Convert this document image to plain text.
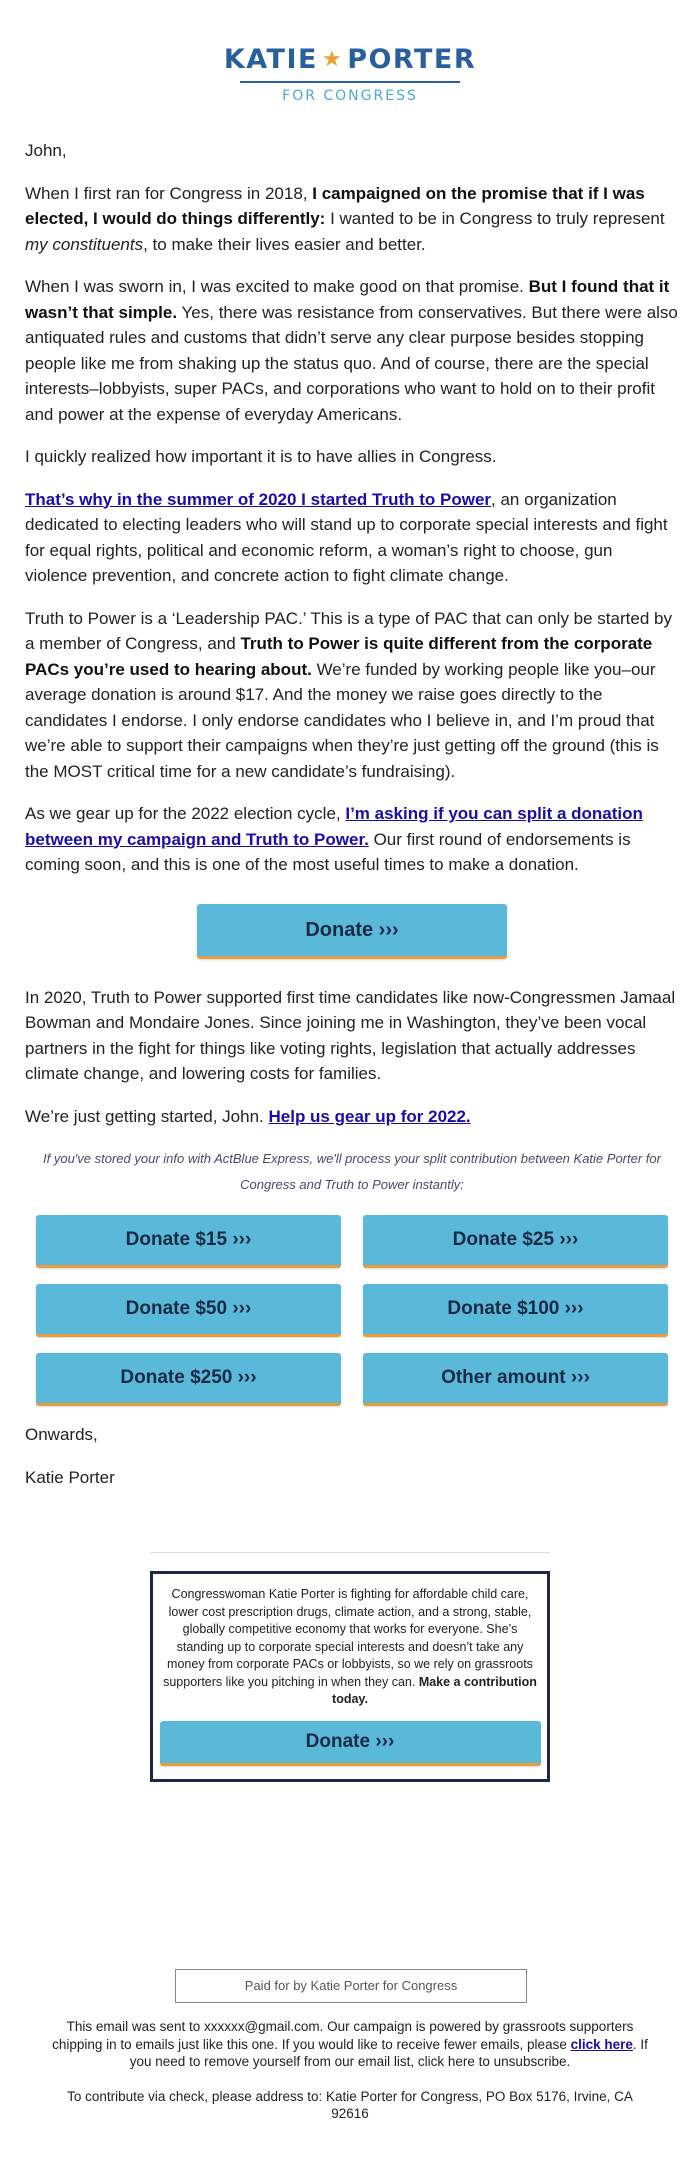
KATIE ★ PORTER
FOR CONGRESS

John,

When I first ran for Congress in 2018, I campaigned on the promise that if I was elected, I would do things differently: I wanted to be in Congress to truly represent my constituents, to make their lives easier and better.

When I was sworn in, I was excited to make good on that promise. But I found that it wasn’t that simple. Yes, there was resistance from conservatives. But there were also antiquated rules and customs that didn’t serve any clear purpose besides stopping people like me from shaking up the status quo. And of course, there are the special interests–lobbyists, super PACs, and corporations who want to hold on to their profit and power at the expense of everyday Americans.

I quickly realized how important it is to have allies in Congress.

That’s why in the summer of 2020 I started Truth to Power, an organization dedicated to electing leaders who will stand up to corporate special interests and fight for equal rights, political and economic reform, a woman’s right to choose, gun violence prevention, and concrete action to fight climate change.

Truth to Power is a ‘Leadership PAC.’ This is a type of PAC that can only be started by a member of Congress, and Truth to Power is quite different from the corporate PACs you’re used to hearing about. We’re funded by working people like you–our average donation is around $17. And the money we raise goes directly to the candidates I endorse. I only endorse candidates who I believe in, and I’m proud that we’re able to support their campaigns when they’re just getting off the ground (this is the MOST critical time for a new candidate’s fundraising).

As we gear up for the 2022 election cycle, I’m asking if you can split a donation between my campaign and Truth to Power. Our first round of endorsements is coming soon, and this is one of the most useful times to make a donation.

Donate ›››

In 2020, Truth to Power supported first time candidates like now-Congressmen Jamaal Bowman and Mondaire Jones. Since joining me in Washington, they’ve been vocal partners in the fight for things like voting rights, legislation that actually addresses climate change, and lowering costs for families.

We’re just getting started, John. Help us gear up for 2022.

If you've stored your info with ActBlue Express, we'll process your split contribution between Katie Porter for Congress and Truth to Power instantly:

Donate $15 ›››	Donate $25 ›››
Donate $50 ›››	Donate $100 ›››
Donate $250 ›››	Other amount ›››

Onwards,

Katie Porter

Congresswoman Katie Porter is fighting for affordable child care, lower cost prescription drugs, climate action, and a strong, stable, globally competitive economy that works for everyone. She’s standing up to corporate special interests and doesn’t take any money from corporate PACs or lobbyists, so we rely on grassroots supporters like you pitching in when they can. Make a contribution today.
Donate ›››
Paid for by Katie Porter for Congress

This email was sent to xxxxxx@gmail.com. Our campaign is powered by grassroots supporters chipping in to emails just like this one. If you would like to receive fewer emails, please click here. If you need to remove yourself from our email list, click here to unsubscribe.

To contribute via check, please address to: Katie Porter for Congress, PO Box 5176, Irvine, CA 92616
